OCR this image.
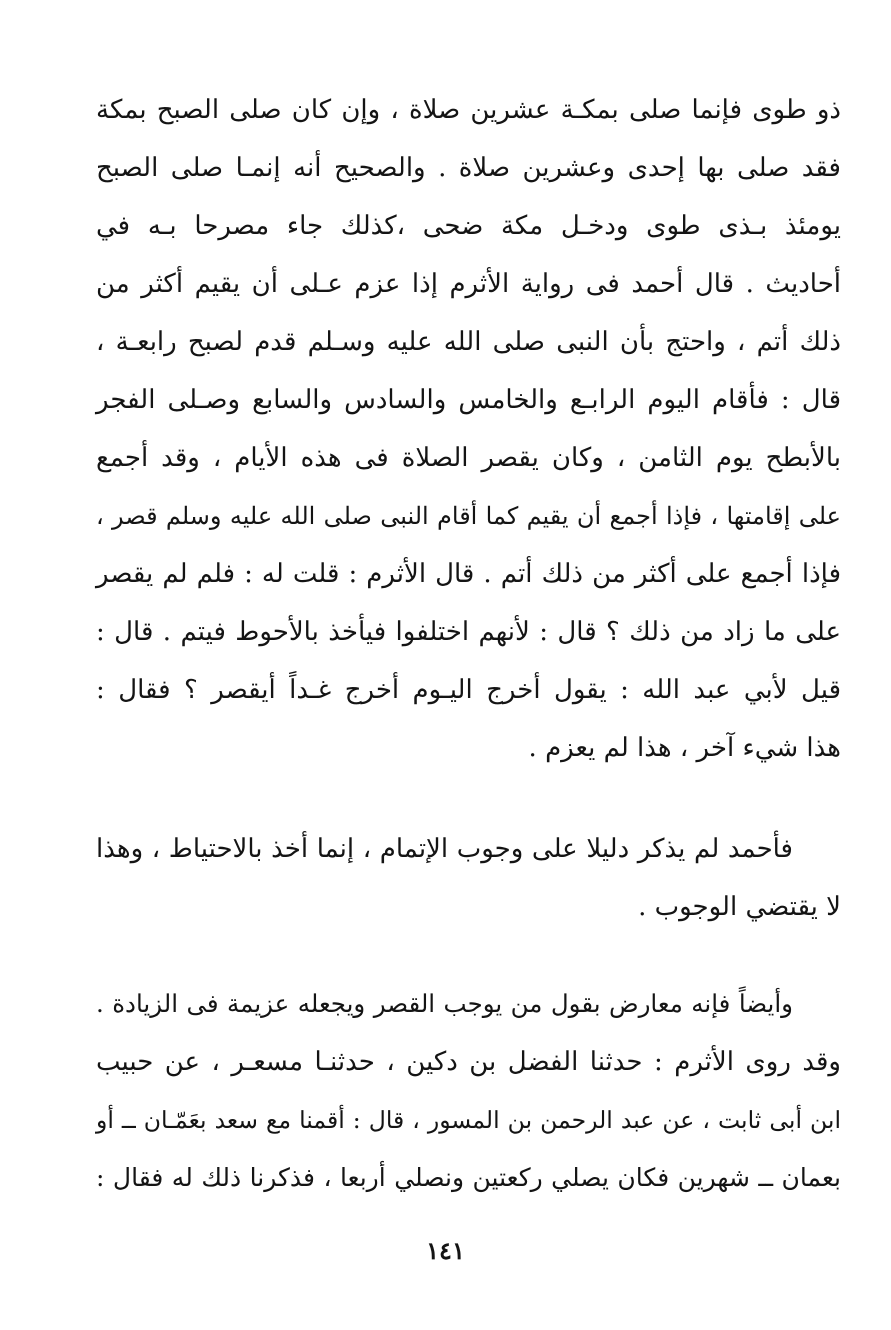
ذو طوى فإنما صلى بمكـة عشرين صلاة ، وإن كان صلى الصبح بمكة
فقد صلى بها إحدى وعشرين صلاة . والصحيح أنه إنمـا صلى الصبح
يومئذ بـذى طوى ودخـل مكة ضحى ،كذلك جاء مصرحا بـه في
أحاديث . قال أحمد فى رواية الأثرم إذا عزم عـلى أن يقيم أكثر من
ذلك أتم ، واحتج بأن النبى صلى الله عليه وسـلم قدم لصبح رابعـة ،
قال : فأقام اليوم الرابـع والخامس والسادس والسابع وصـلى الفجر
بالأبطح يوم الثامن ، وكان يقصر الصلاة فى هذه الأيام ، وقد أجمع
على إقامتها ، فإذا أجمع أن يقيم كما أقام النبى صلى الله عليه وسلم قصر ،
فإذا أجمع على أكثر من ذلك أتم . قال الأثرم : قلت له : فلم لم يقصر
على ما زاد من ذلك ؟ قال : لأنهم اختلفوا فيأخذ بالأحوط فيتم . قال :
قيل لأبي عبد الله : يقول أخرج اليـوم أخرج غـداً أيقصر ؟ فقال :
هذا شيء آخر ، هذا لم يعزم .
فأحمد لم يذكر دليلا على وجوب الإتمام ، إنما أخذ بالاحتياط ، وهذا
لا يقتضي الوجوب .
وأيضاً فإنه معارض بقول من يوجب القصر ويجعله عزيمة فى الزيادة .
وقد روى الأثرم : حدثنا الفضل بن دكين ، حدثنـا مسعـر ، عن حبيب
ابن أبى ثابت ، عن عبد الرحمن بن المسور ، قال : أقمنا مع سعد بعَمّـان ــ أو
بعمان ــ شهرين فكان يصلي ركعتين ونصلي أربعا ، فذكرنا ذلك له فقال :
١٤١
